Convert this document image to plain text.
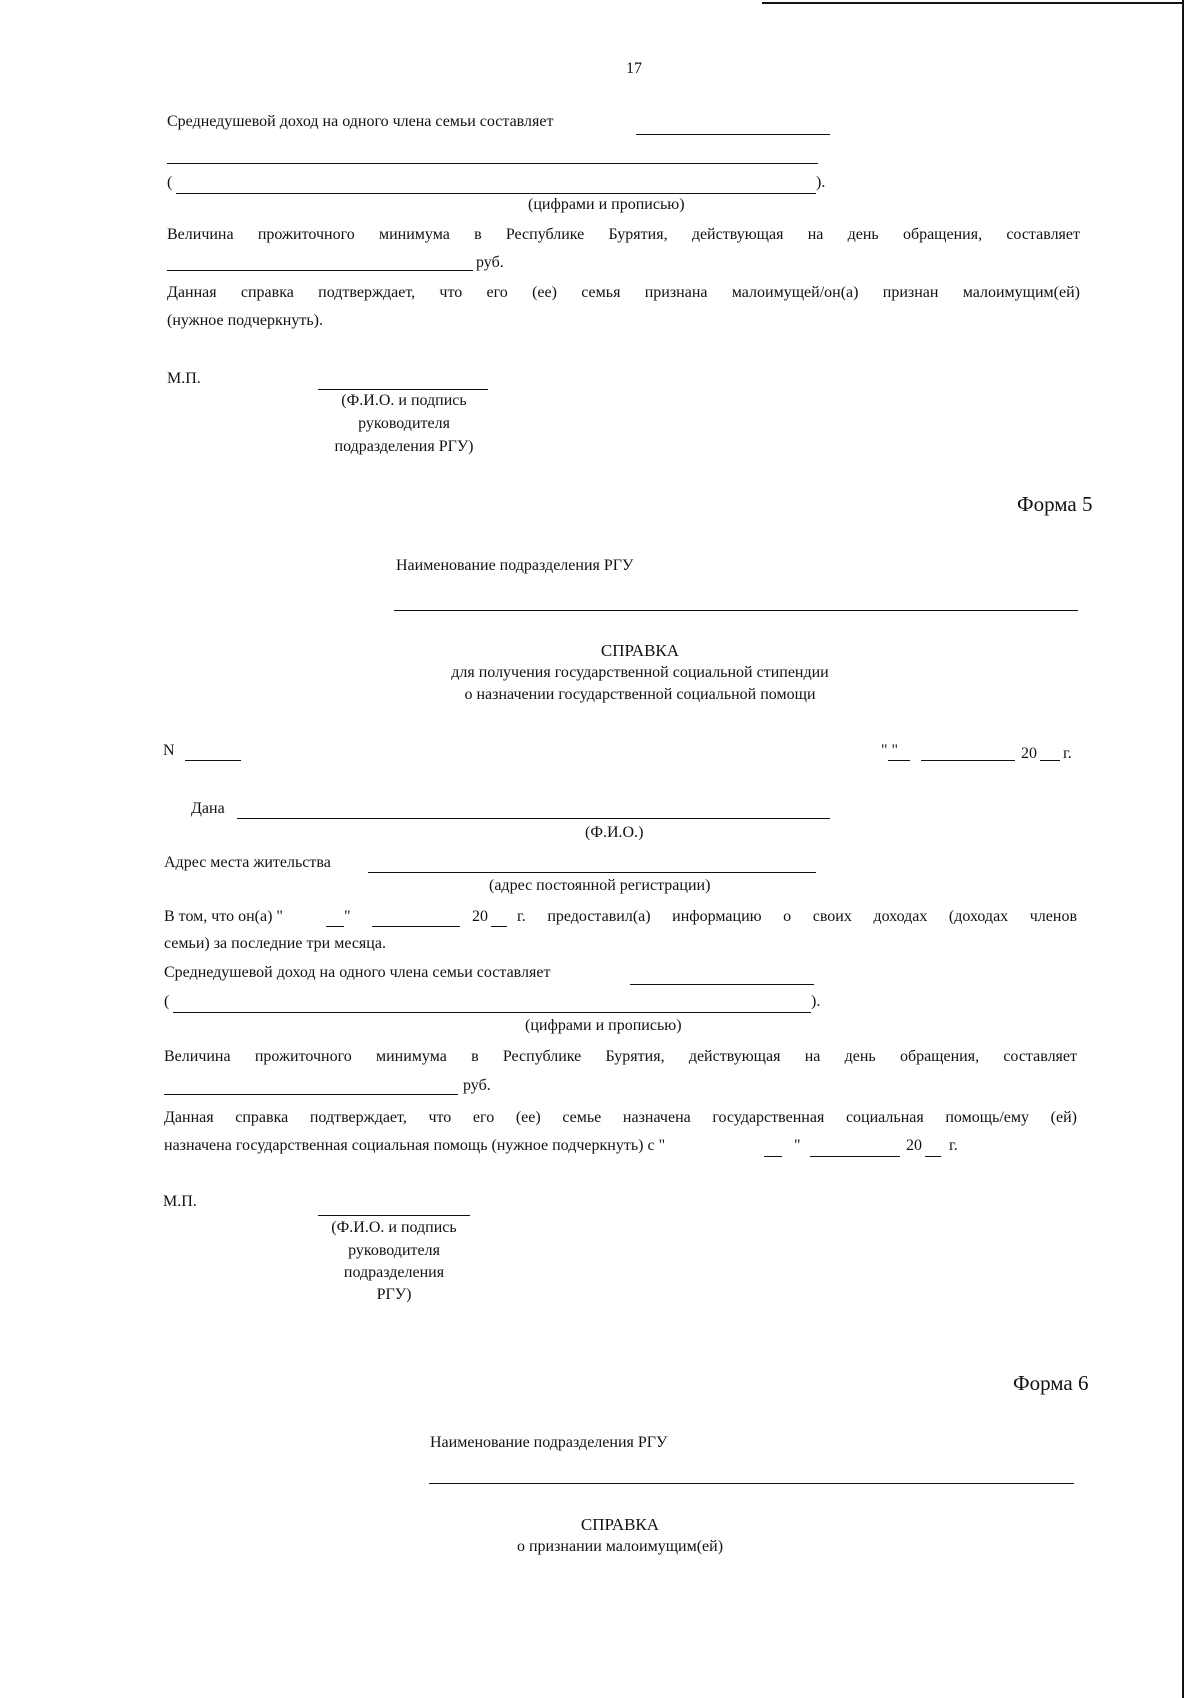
17
Среднедушевой доход на одного члена семьи составляет
(	).
(цифрами и прописью)
Величина прожиточного минимума в Республике Бурятия, действующая на день обращения, составляет
руб.
Данная справка подтверждает, что его (ее) семья признана малоимущей/он(а) признан малоимущим(ей)
(нужное подчеркнуть).
М.П.
(Ф.И.О. и подпись
руководителя
подразделения РГУ)
Форма 5
Наименование подразделения РГУ
СПРАВКА
для получения государственной социальной стипендии
о назначении государственной социальной помощи
N	" "	20 г.
Дана
(Ф.И.О.)
Адрес места жительства
(адрес постоянной регистрации)
В том, что он(а) "	"	20 г. предоставил(а) информацию о своих доходах (доходах членов
семьи) за последние три месяца.
Среднедушевой доход на одного члена семьи составляет
(	).
(цифрами и прописью)
Величина прожиточного минимума в Республике Бурятия, действующая на день обращения, составляет
руб.
Данная справка подтверждает, что его (ее) семье назначена государственная социальная помощь/ему (ей)
назначена государственная социальная помощь (нужное подчеркнуть) с "	"	20 г.
М.П.
(Ф.И.О. и подпись
руководителя
подразделения
РГУ)
Форма 6
Наименование подразделения РГУ
СПРАВКА
о признании малоимущим(ей)
